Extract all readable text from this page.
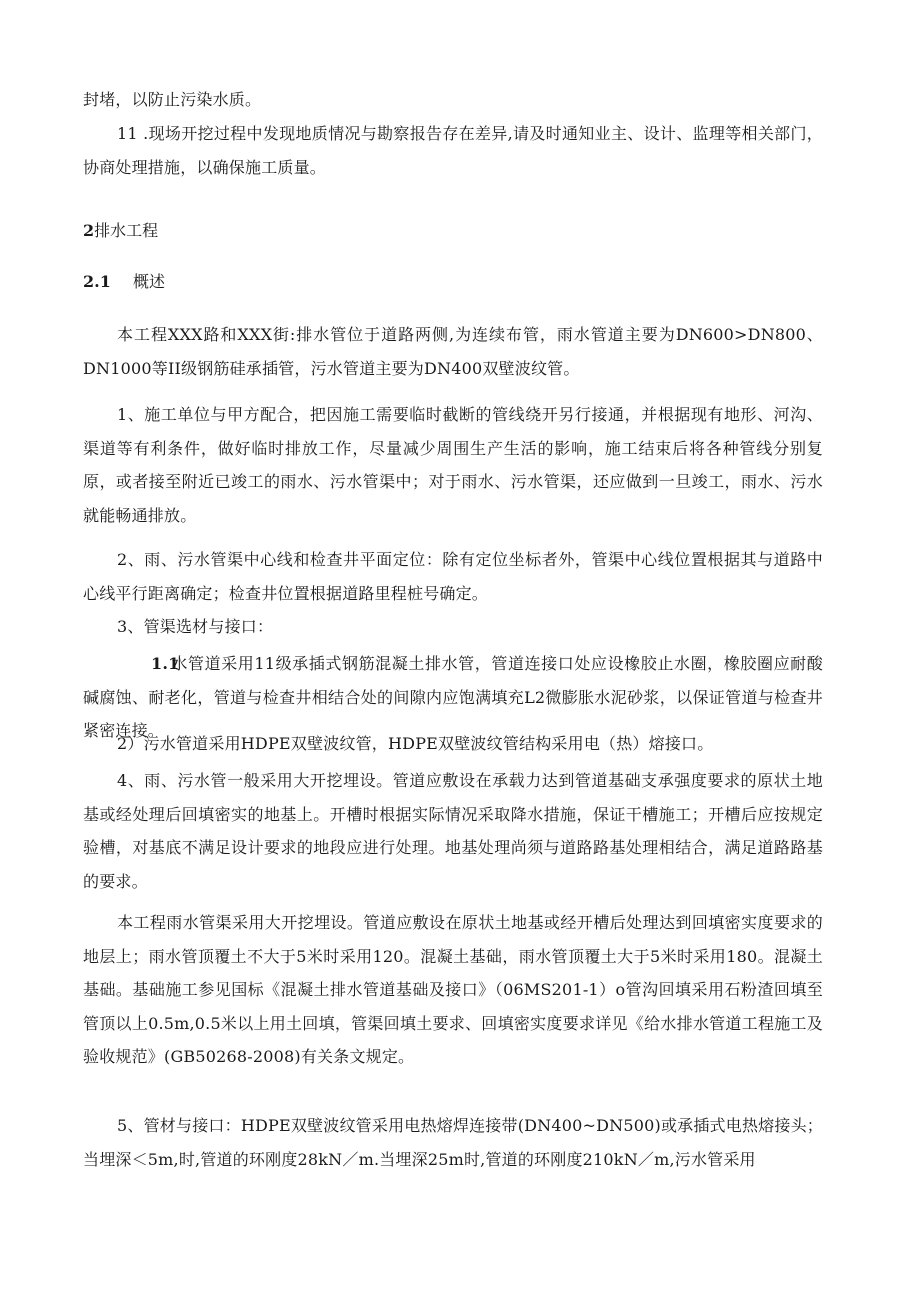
封堵，以防止污染水质。

11 .现场开挖过程中发现地质情况与勘察报告存在差异,请及时通知业主、设计、监理等相关部门，协商处理措施，以确保施工质量。

2排水工程
2.1 概述

本工程XXX路和XXX街:排水管位于道路两侧,为连续布管，雨水管道主要为DN600>DN800、DN1000等II级钢筋硅承插管，污水管道主要为DN400双壁波纹管。

1、施工单位与甲方配合，把因施工需要临时截断的管线绕开另行接通，并根据现有地形、河沟、渠道等有利条件，做好临时排放工作，尽量减少周围生产生活的影响，施工结束后将各种管线分别复原，或者接至附近已竣工的雨水、污水管渠中；对于雨水、污水管渠，还应做到一旦竣工，雨水、污水就能畅通排放。

2、雨、污水管渠中心线和检查井平面定位：除有定位坐标者外，管渠中心线位置根据其与道路中心线平行距离确定；检查井位置根据道路里程桩号确定。

3、管渠选材与接口：

1.1水管道采用11级承插式钢筋混凝土排水管，管道连接口处应设橡胶止水圈，橡胶圈应耐酸碱腐蚀、耐老化，管道与检查井相结合处的间隙内应饱满填充L2微膨胀水泥砂浆，以保证管道与检查井紧密连接。

2）污水管道采用HDPE双壁波纹管，HDPE双壁波纹管结构采用电（热）熔接口。

4、雨、污水管一般采用大开挖埋设。管道应敷设在承载力达到管道基础支承强度要求的原状土地基或经处理后回填密实的地基上。开槽时根据实际情况采取降水措施，保证干槽施工；开槽后应按规定验槽，对基底不满足设计要求的地段应进行处理。地基处理尚须与道路路基处理相结合，满足道路路基的要求。

本工程雨水管渠采用大开挖埋设。管道应敷设在原状土地基或经开槽后处理达到回填密实度要求的地层上；雨水管顶覆土不大于5米时采用120。混凝土基础，雨水管顶覆土大于5米时采用180。混凝土基础。基础施工参见国标《混凝土排水管道基础及接口》（06MS201-1）o管沟回填采用石粉渣回填至管顶以上0.5m,0.5米以上用土回填，管渠回填土要求、回填密实度要求详见《给水排水管道工程施工及验收规范》(GB50268-2008)有关条文规定。

5、管材与接口：HDPE双壁波纹管采用电热熔焊连接带(DN400~DN500)或承插式电热熔接头；当埋深＜5m,时,管道的环刚度28kN／m.当埋深25m时,管道的环刚度210kN／m,污水管采用
